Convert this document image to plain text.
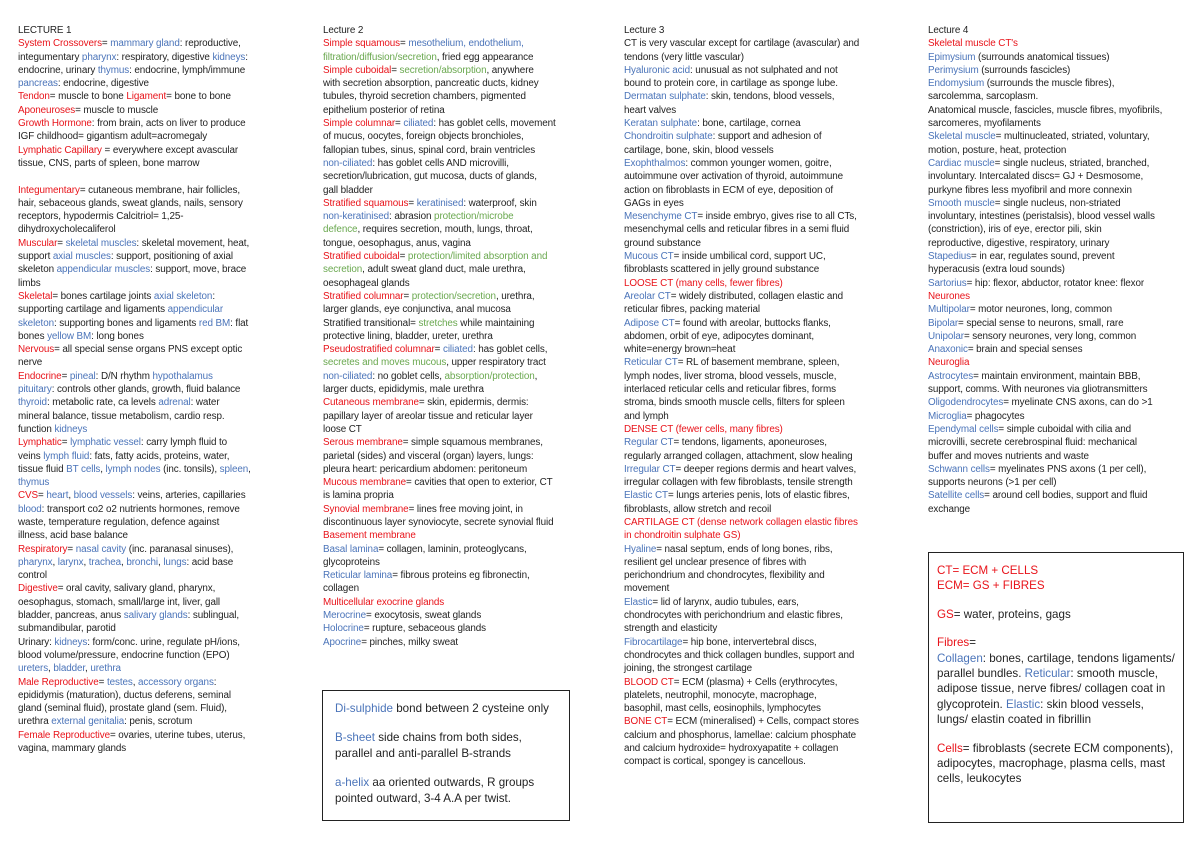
LECTURE 1
System Crossovers= mammary gland: reproductive,
integumentary pharynx: respiratory, digestive kidneys:
endocrine, urinary thymus: endocrine, lymph/immune
pancreas: endocrine, digestive
Tendon= muscle to bone Ligament= bone to bone
Aponeuroses= muscle to muscle
Growth Hormone: from brain, acts on liver to produce
IGF childhood= gigantism adult=acromegaly
Lymphatic Capillary = everywhere except avascular
tissue, CNS, parts of spleen, bone marrow
Integumentary= cutaneous membrane, hair follicles,
hair, sebaceous glands, sweat glands, nails, sensory
receptors, hypodermis Calcitriol= 1,25-
dihydroxycholecaliferol
Muscular= skeletal muscles: skeletal movement, heat,
support axial muscles: support, positioning of axial
skeleton appendicular muscles: support, move, brace
limbs
Skeletal= bones cartilage joints axial skeleton:
supporting cartilage and ligaments appendicular
skeleton: supporting bones and ligaments red BM: flat
bones yellow BM: long bones
Nervous= all special sense organs PNS except optic
nerve
Endocrine= pineal: D/N rhythm hypothalamus
pituitary: controls other glands, growth, fluid balance
thyroid: metabolic rate, ca levels adrenal: water
mineral balance, tissue metabolism, cardio resp.
function kidneys
Lymphatic= lymphatic vessel: carry lymph fluid to
veins lymph fluid: fats, fatty acids, proteins, water,
tissue fluid BT cells, lymph nodes (inc. tonsils), spleen,
thymus
CVS= heart, blood vessels: veins, arteries, capillaries
blood: transport co2 o2 nutrients hormones, remove
waste, temperature regulation, defence against
illness, acid base balance
Respiratory= nasal cavity (inc. paranasal sinuses),
pharynx, larynx, trachea, bronchi, lungs: acid base
control
Digestive= oral cavity, salivary gland, pharynx,
oesophagus, stomach, small/large int, liver, gall
bladder, pancreas, anus salivary glands: sublingual,
submandibular, parotid
Urinary: kidneys: form/conc. urine, regulate pH/ions,
blood volume/pressure, endocrine function (EPO)
ureters, bladder, urethra
Male Reproductive= testes, accessory organs:
epididymis (maturation), ductus deferens, seminal
gland (seminal fluid), prostate gland (sem. Fluid),
urethra external genitalia: penis, scrotum
Female Reproductive= ovaries, uterine tubes, uterus,
vagina, mammary glands
Lecture 2
Simple squamous= mesothelium, endothelium,
filtration/diffusion/secretion, fried egg appearance
Simple cuboidal= secretion/absorption, anywhere
with secretion absorption, pancreatic ducts, kidney
tubules, thyroid secretion chambers, pigmented
epithelium posterior of retina
Simple columnar= ciliated: has goblet cells, movement
of mucus, oocytes, foreign objects bronchioles,
fallopian tubes, sinus, spinal cord, brain ventricles
non-ciliated: has goblet cells AND microvilli,
secretion/lubrication, gut mucosa, ducts of glands,
gall bladder
Stratified squamous= keratinised: waterproof, skin
non-keratinised: abrasion protection/microbe
defence, requires secretion, mouth, lungs, throat,
tongue, oesophagus, anus, vagina
Stratified cuboidal= protection/limited absorption and
secretion, adult sweat gland duct, male urethra,
oesophageal glands
Stratified columnar= protection/secretion, urethra,
larger glands, eye conjunctiva, anal mucosa
Stratified transitional= stretches while maintaining
protective lining, bladder, ureter, urethra
Pseudostratified columnar= ciliated: has goblet cells,
secretes and moves mucous, upper respiratory tract
non-ciliated: no goblet cells, absorption/protection,
larger ducts, epididymis, male urethra
Cutaneous membrane= skin, epidermis, dermis:
papillary layer of areolar tissue and reticular layer
loose CT
Serous membrane= simple squamous membranes,
parietal (sides) and visceral (organ) layers, lungs:
pleura heart: pericardium abdomen: peritoneum
Mucous membrane= cavities that open to exterior, CT
is lamina propria
Synovial membrane= lines free moving joint, in
discontinuous layer synoviocyte, secrete synovial fluid
Basement membrane
Basal lamina= collagen, laminin, proteoglycans,
glycoproteins
Reticular lamina= fibrous proteins eg fibronectin,
collagen
Multicellular exocrine glands
Merocrine= exocytosis, sweat glands
Holocrine= rupture, sebaceous glands
Apocrine= pinches, milky sweat
Lecture 3
CT is very vascular except for cartilage (avascular) and
tendons (very little vascular)
Hyaluronic acid: unusual as not sulphated and not
bound to protein core, in cartilage as sponge lube.
Dermatan sulphate: skin, tendons, blood vessels,
heart valves
Keratan sulphate: bone, cartilage, cornea
Chondroitin sulphate: support and adhesion of
cartilage, bone, skin, blood vessels
Exophthalmos: common younger women, goitre,
autoimmune over activation of thyroid, autoimmune
action on fibroblasts in ECM of eye, deposition of
GAGs in eyes
Mesenchyme CT= inside embryo, gives rise to all CTs,
mesenchymal cells and reticular fibres in a semi fluid
ground substance
Mucous CT= inside umbilical cord, support UC,
fibroblasts scattered in jelly ground substance
LOOSE CT (many cells, fewer fibres)
Areolar CT= widely distributed, collagen elastic and
reticular fibres, packing material
Adipose CT= found with areolar, buttocks flanks,
abdomen, orbit of eye, adipocytes dominant,
white=energy brown=heat
Reticular CT= RL of basement membrane, spleen,
lymph nodes, liver stroma, blood vessels, muscle,
interlaced reticular cells and reticular fibres, forms
stroma, binds smooth muscle cells, filters for spleen
and lymph
DENSE CT (fewer cells, many fibres)
Regular CT= tendons, ligaments, aponeuroses,
regularly arranged collagen, attachment, slow healing
Irregular CT= deeper regions dermis and heart valves,
irregular collagen with few fibroblasts, tensile strength
Elastic CT= lungs arteries penis, lots of elastic fibres,
fibroblasts, allow stretch and recoil
CARTILAGE CT (dense network collagen elastic fibres
in chondroitin sulphate GS)
Hyaline= nasal septum, ends of long bones, ribs,
resilient gel unclear presence of fibres with
perichondrium and chondrocytes, flexibility and
movement
Elastic= lid of larynx, audio tubules, ears,
chondrocytes with perichondrium and elastic fibres,
strength and elasticity
Fibrocartilage= hip bone, intervertebral discs,
chondrocytes and thick collagen bundles, support and
joining, the strongest cartilage
BLOOD CT= ECM (plasma) + Cells (erythrocytes,
platelets, neutrophil, monocyte, macrophage,
basophil, mast cells, eosinophils, lymphocytes
BONE CT= ECM (mineralised) + Cells, compact stores
calcium and phosphorus, lamellae: calcium phosphate
and calcium hydroxide= hydroxyapatite + collagen
compact is cortical, spongey is cancellous.
Lecture 4
Skeletal muscle CT's
Epimysium (surrounds anatomical tissues)
Perimysium (surrounds fascicles)
Endomysium (surrounds the muscle fibres),
sarcolemma, sarcoplasm.
Anatomical muscle, fascicles, muscle fibres, myofibrils,
sarcomeres, myofilaments
Skeletal muscle= multinucleated, striated, voluntary,
motion, posture, heat, protection
Cardiac muscle= single nucleus, striated, branched,
involuntary. Intercalated discs= GJ + Desmosome,
purkyne fibres less myofibril and more connexin
Smooth muscle= single nucleus, non-striated
involuntary, intestines (peristalsis), blood vessel walls
(constriction), iris of eye, erector pili, skin
reproductive, digestive, respiratory, urinary
Stapedius= in ear, regulates sound, prevent
hyperacusis (extra loud sounds)
Sartorius= hip: flexor, abductor, rotator knee: flexor
Neurones
Multipolar= motor neurones, long, common
Bipolar= special sense to neurons, small, rare
Unipolar= sensory neurones, very long, common
Anaxonic= brain and special senses
Neuroglia
Astrocytes= maintain environment, maintain BBB,
support, comms. With neurones via gliotransmitters
Oligodendrocytes= myelinate CNS axons, can do >1
Microglia= phagocytes
Ependymal cells= simple cuboidal with cilia and
microvilli, secrete cerebrospinal fluid: mechanical
buffer and moves nutrients and waste
Schwann cells= myelinates PNS axons (1 per cell),
supports neurons (>1 per cell)
Satellite cells= around cell bodies, support and fluid
exchange
Di-sulphide bond between 2 cysteine only
B-sheet side chains from both sides, parallel and anti-parallel B-strands
a-helix aa oriented outwards, R groups pointed outward, 3-4 A.A per twist.
CT= ECM + CELLS
ECM= GS + FIBRES
GS= water, proteins, gags
Fibres=
Collagen: bones, cartilage, tendons ligaments/ parallel bundles. Reticular: smooth muscle, adipose tissue, nerve fibres/ collagen coat in glycoprotein. Elastic: skin blood vessels, lungs/ elastin coated in fibrillin
Cells= fibroblasts (secrete ECM components), adipocytes, macrophage, plasma cells, mast cells, leukocytes
